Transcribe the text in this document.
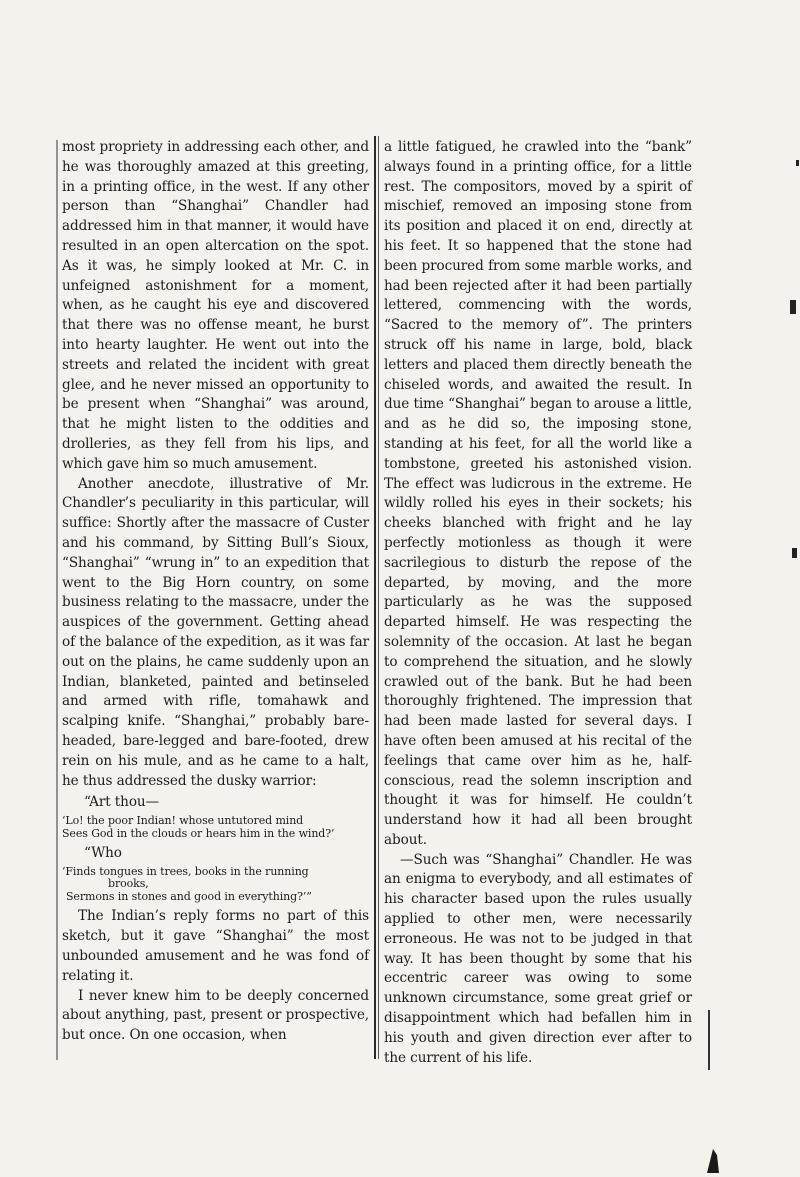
most propriety in addressing each other, and he was thoroughly amazed at this greeting, in a printing office, in the west. If any other person than “Shanghai” Chandler had addressed him in that manner, it would have resulted in an open altercation on the spot. As it was, he simply looked at Mr. C. in unfeigned astonishment for a moment, when, as he caught his eye and discovered that there was no offense meant, he burst into hearty laughter. He went out into the streets and related the incident with great glee, and he never missed an opportunity to be present when “Shanghai” was around, that he might listen to the oddities and drolleries, as they fell from his lips, and which gave him so much amusement.

Another anecdote, illustrative of Mr. Chandler’s peculiarity in this particular, will suffice: Shortly after the massacre of Custer and his command, by Sitting Bull’s Sioux, “Shanghai” “wrung in” to an expedition that went to the Big Horn country, on some business relating to the massacre, under the auspices of the government. Getting ahead of the balance of the expedition, as it was far out on the plains, he came suddenly upon an Indian, blanketed, painted and betinseled and armed with rifle, tomahawk and scalping knife. “Shanghai,” probably bare-headed, bare-legged and bare-footed, drew rein on his mule, and as he came to a halt, he thus addressed the dusky warrior:

“Art thou—

‘Lo! the poor Indian! whose untutored mind
Sees God in the clouds or hears him in the wind?’

“Who

‘Finds tongues in trees, books in the running
brooks,
Sermons in stones and good in everything?’”

The Indian’s reply forms no part of this sketch, but it gave “Shanghai” the most unbounded amusement and he was fond of relating it.

I never knew him to be deeply concerned about anything, past, present or prospective, but once. On one occasion, when

a little fatigued, he crawled into the “bank” always found in a printing office, for a little rest. The compositors, moved by a spirit of mischief, removed an imposing stone from its position and placed it on end, directly at his feet. It so happened that the stone had been procured from some marble works, and had been rejected after it had been partially lettered, commencing with the words, “Sacred to the memory of”. The printers struck off his name in large, bold, black letters and placed them directly beneath the chiseled words, and awaited the result. In due time “Shanghai” began to arouse a little, and as he did so, the imposing stone, standing at his feet, for all the world like a tombstone, greeted his astonished vision. The effect was ludicrous in the extreme. He wildly rolled his eyes in their sockets; his cheeks blanched with fright and he lay perfectly motionless as though it were sacrilegious to disturb the repose of the departed, by moving, and the more particularly as he was the supposed departed himself. He was respecting the solemnity of the occasion. At last he began to comprehend the situation, and he slowly crawled out of the bank. But he had been thoroughly frightened. The impression that had been made lasted for several days. I have often been amused at his recital of the feelings that came over him as he, half-conscious, read the solemn inscription and thought it was for himself. He couldn’t understand how it had all been brought about.

—Such was “Shanghai” Chandler. He was an enigma to everybody, and all estimates of his character based upon the rules usually applied to other men, were necessarily erroneous. He was not to be judged in that way. It has been thought by some that his eccentric career was owing to some unknown circumstance, some great grief or disappointment which had befallen him in his youth and given direction ever after to the current of his life.
